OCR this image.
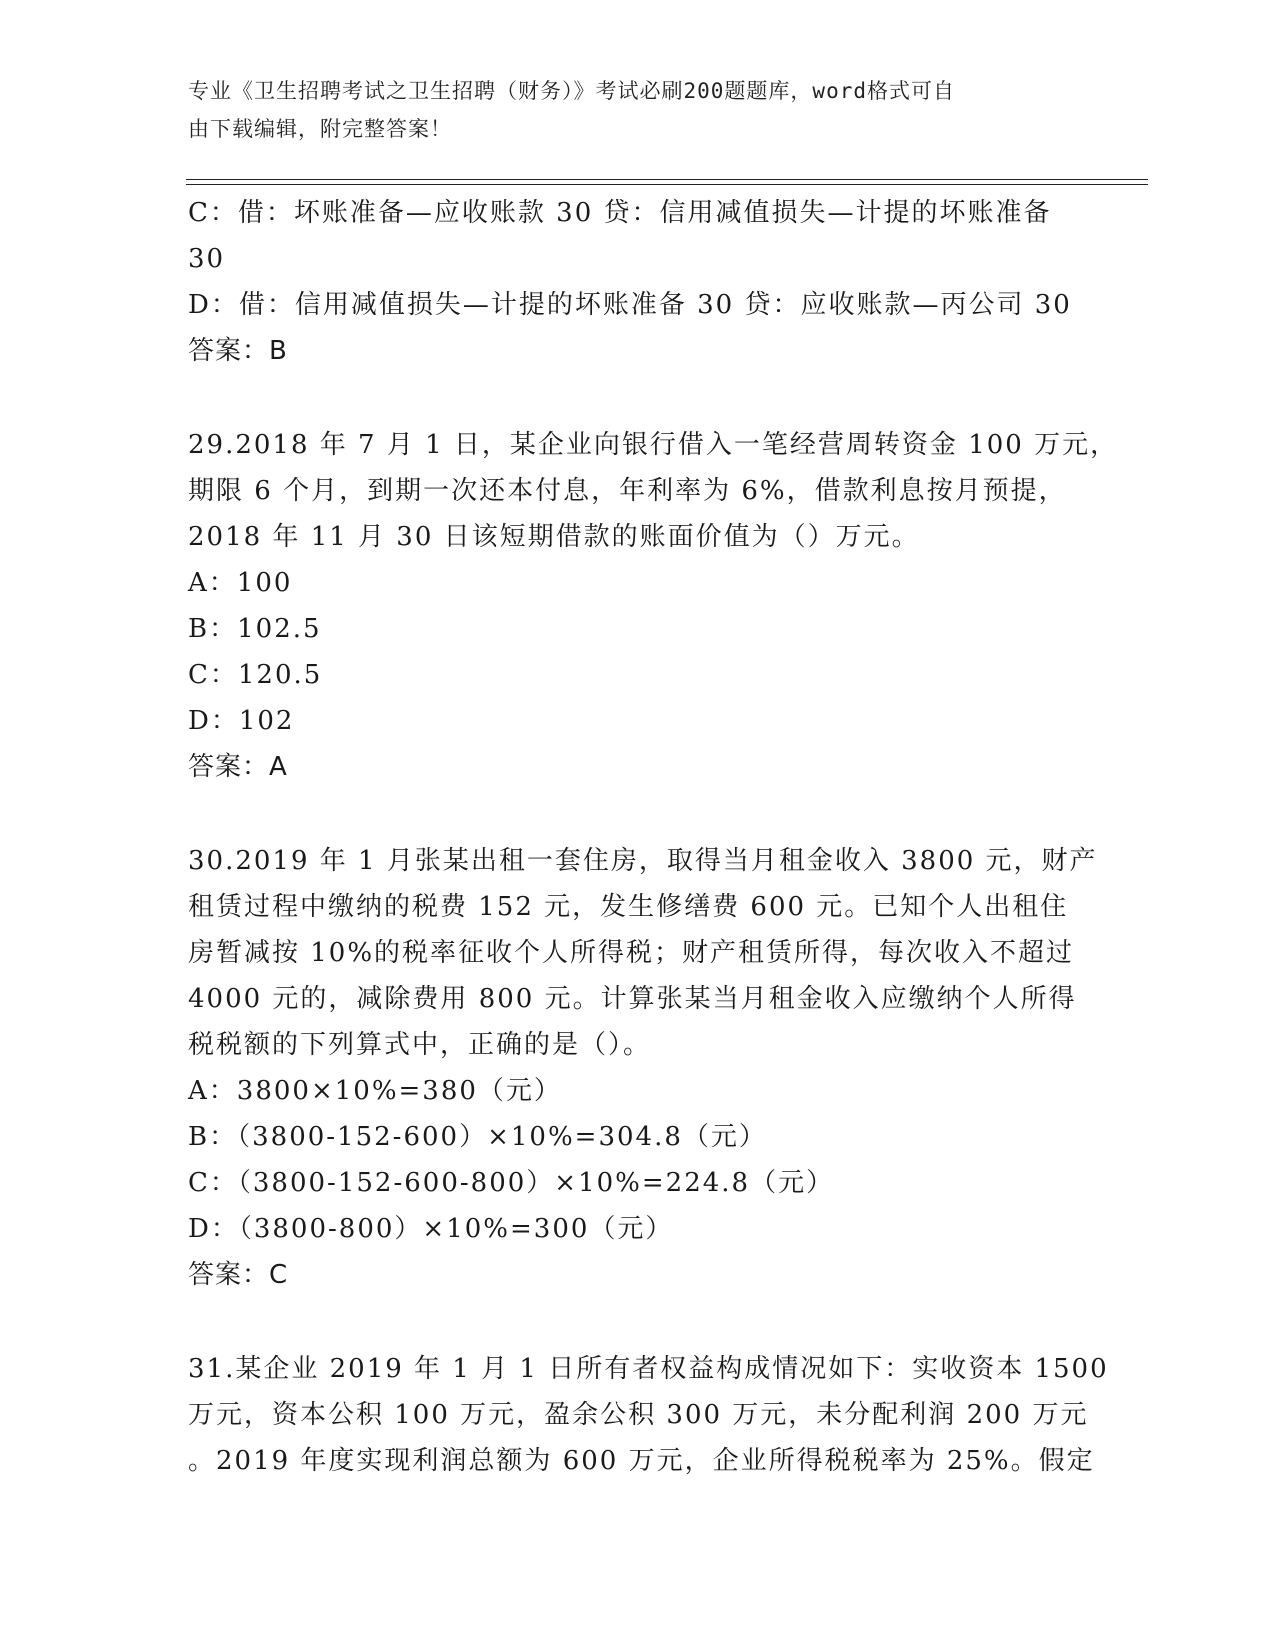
专业《卫生招聘考试之卫生招聘（财务）》考试必刷200题题库，word格式可自
由下载编辑，附完整答案！
C：借：坏账准备—应收账款 30 贷：信用减值损失—计提的坏账准备
30
D：借：信用减值损失—计提的坏账准备 30 贷：应收账款—丙公司 30
答案：B
29.2018 年 7 月 1 日，某企业向银行借入一笔经营周转资金 100 万元，
期限 6 个月，到期一次还本付息，年利率为 6%，借款利息按月预提，
2018 年 11 月 30 日该短期借款的账面价值为（）万元。
A：100
B：102.5
C：120.5
D：102
答案：A
30.2019 年 1 月张某出租一套住房，取得当月租金收入 3800 元，财产
租赁过程中缴纳的税费 152 元，发生修缮费 600 元。已知个人出租住
房暂减按 10%的税率征收个人所得税；财产租赁所得，每次收入不超过
4000 元的，减除费用 800 元。计算张某当月租金收入应缴纳个人所得
税税额的下列算式中，正确的是（）。
A：3800×10%=380（元）
B：（3800-152-600）×10%=304.8（元）
C：（3800-152-600-800）×10%=224.8（元）
D：（3800-800）×10%=300（元）
答案：C
31.某企业 2019 年 1 月 1 日所有者权益构成情况如下：实收资本 1500
万元，资本公积 100 万元，盈余公积 300 万元，未分配利润 200 万元
。2019 年度实现利润总额为 600 万元，企业所得税税率为 25%。假定
